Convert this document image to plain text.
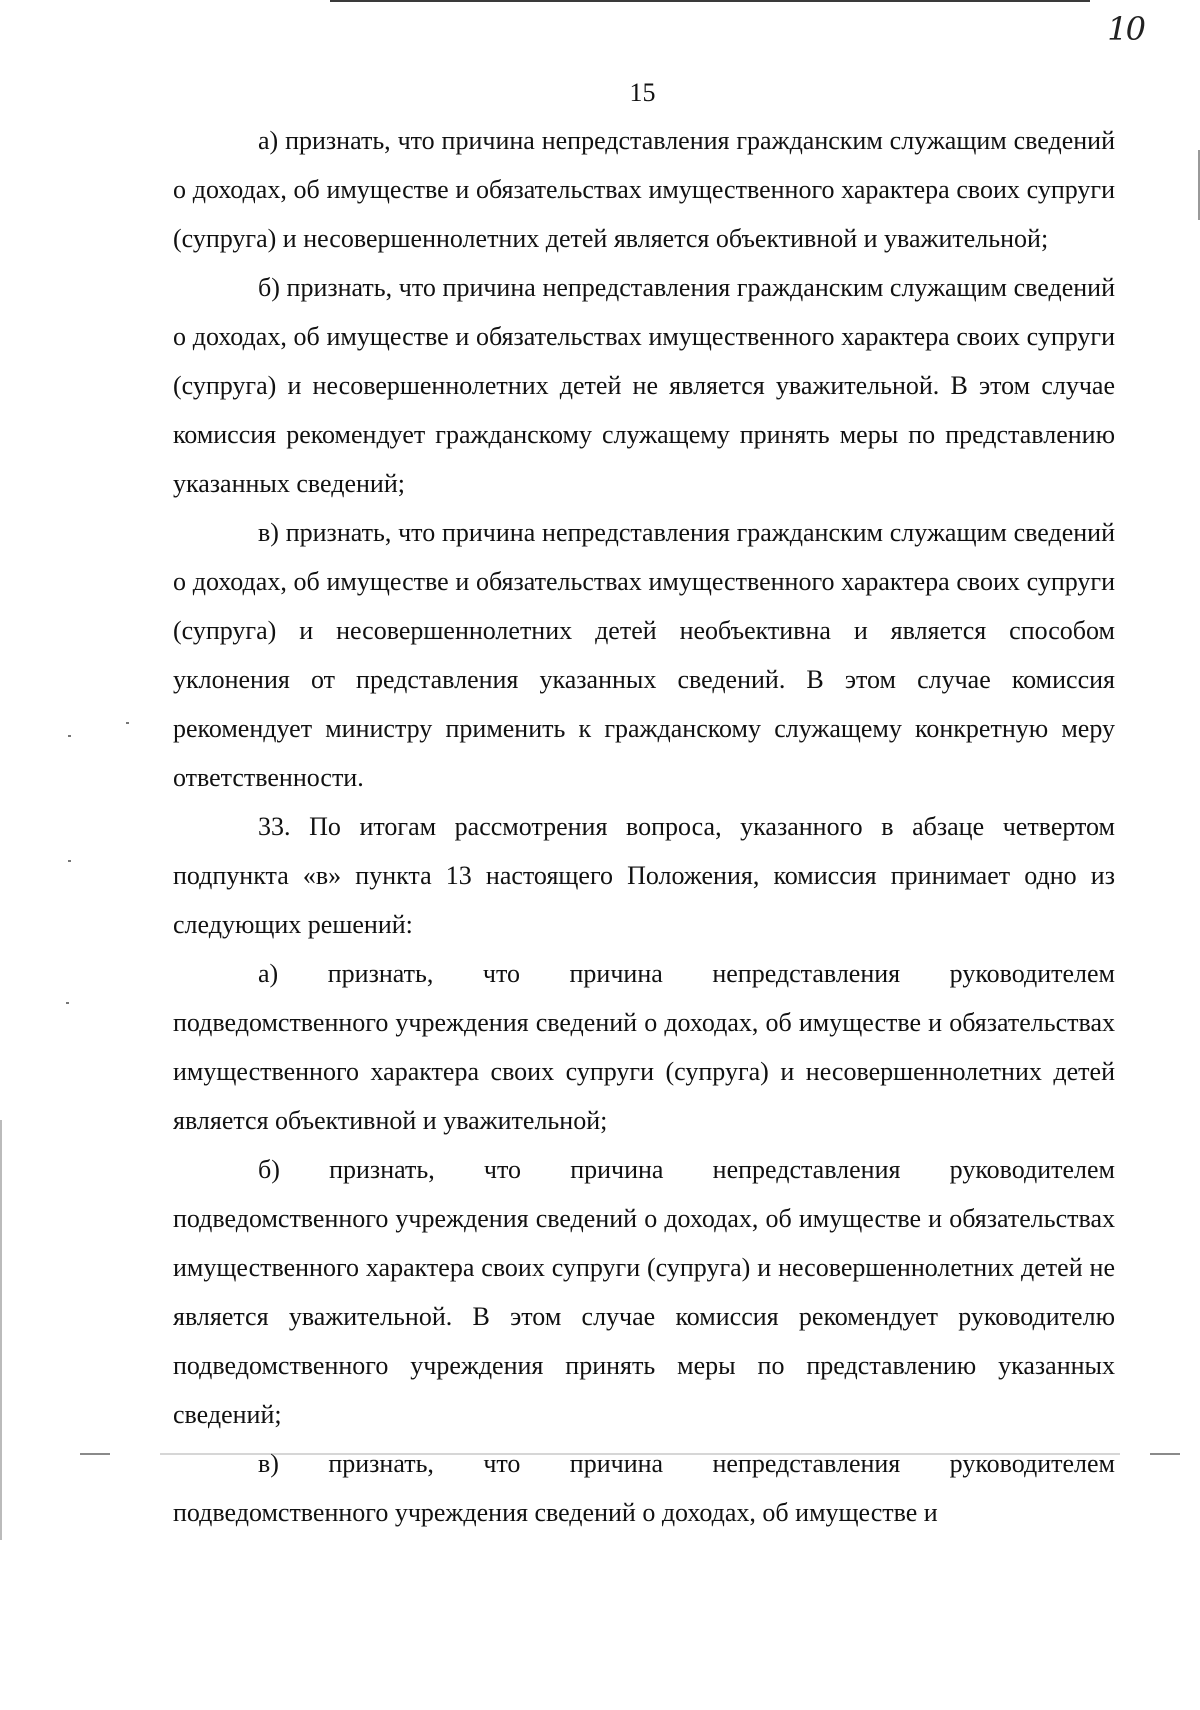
10
15

а) признать, что причина непредставления гражданским служащим сведений о доходах, об имуществе и обязательствах имущественного характера своих супруги (супруга) и несовершеннолетних детей является объективной и уважительной;

б) признать, что причина непредставления гражданским служащим сведений о доходах, об имуществе и обязательствах имущественного характера своих супруги (супруга) и несовершеннолетних детей не является уважительной. В этом случае комиссия рекомендует гражданскому служащему принять меры по представлению указанных сведений;

в) признать, что причина непредставления гражданским служащим сведений о доходах, об имуществе и обязательствах имущественного характера своих супруги (супруга) и несовершеннолетних детей необъективна и является способом уклонения от представления указанных сведений. В этом случае комиссия рекомендует министру применить к гражданскому служащему конкретную меру ответственности.

33. По итогам рассмотрения вопроса, указанного в абзаце четвертом подпункта «в» пункта 13 настоящего Положения, комиссия принимает одно из следующих решений:

а) признать, что причина непредставления руководителем подведомственного учреждения сведений о доходах, об имуществе и обязательствах имущественного характера своих супруги (супруга) и несовершеннолетних детей является объективной и уважительной;

б) признать, что причина непредставления руководителем подведомственного учреждения сведений о доходах, об имуществе и обязательствах имущественного характера своих супруги (супруга) и несовершеннолетних детей не является уважительной. В этом случае комиссия рекомендует руководителю подведомственного учреждения принять меры по представлению указанных сведений;

в) признать, что причина непредставления руководителем подведомственного учреждения сведений о доходах, об имуществе и
